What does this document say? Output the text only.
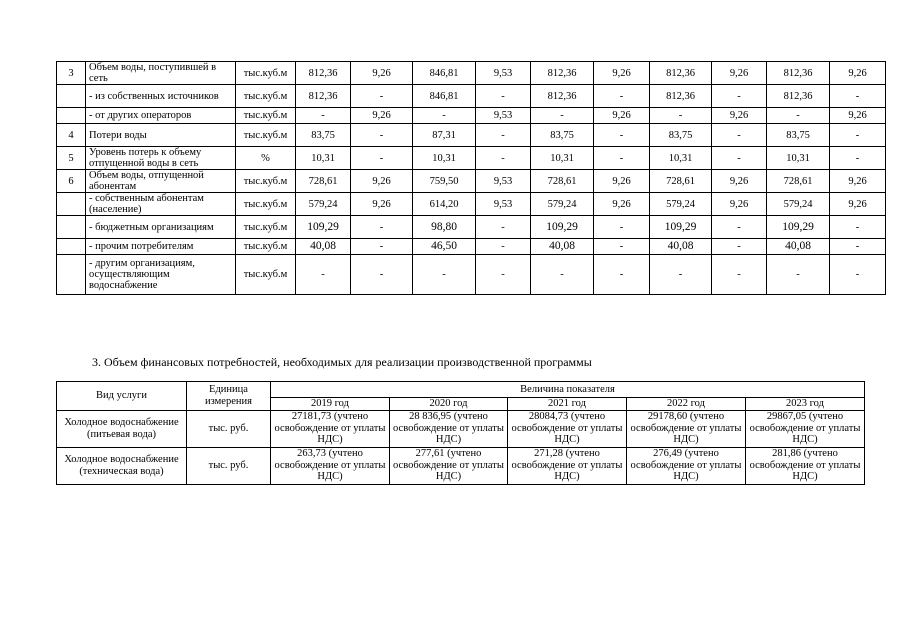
3	Объем воды, поступившей в сеть	тыс.куб.м	812,36	9,26	846,81	9,53	812,36	9,26	812,36	9,26	812,36	9,26
	- из собственных источников	тыс.куб.м	812,36	-	846,81	-	812,36	-	812,36	-	812,36	-
	- от других операторов	тыс.куб.м	-	9,26	-	9,53	-	9,26	-	9,26	-	9,26
4	Потери воды	тыс.куб.м	83,75	-	87,31	-	83,75	-	83,75	-	83,75	-
5	Уровень потерь к объему отпущенной воды в сеть	%	10,31	-	10,31	-	10,31	-	10,31	-	10,31	-
6	Объем воды, отпущенной абонентам	тыс.куб.м	728,61	9,26	759,50	9,53	728,61	9,26	728,61	9,26	728,61	9,26
	- собственным абонентам (население)	тыс.куб.м	579,24	9,26	614,20	9,53	579,24	9,26	579,24	9,26	579,24	9,26
	- бюджетным организациям	тыс.куб.м	109,29	-	98,80	-	109,29	-	109,29	-	109,29	-
	- прочим потребителям	тыс.куб.м	40,08	-	46,50	-	40,08	-	40,08	-	40,08	-
	- другим организациям, осуществляющим водоснабжение	тыс.куб.м	-	-	-	-	-	-	-	-	-	-
3. Объем финансовых потребностей, необходимых для реализации производственной программы
Вид услуги	Единица измерения	Величина показателя				
		2019 год	2020 год	2021 год	2022 год	2023 год
Холодное водоснабжение (питьевая вода)	тыс. руб.	27181,73 (учтено освобождение от уплаты НДС)	28 836,95 (учтено освобождение от уплаты НДС)	28084,73 (учтено освобождение от уплаты НДС)	29178,60 (учтено освобождение от уплаты НДС)	29867,05 (учтено освобождение от уплаты НДС)
Холодное водоснабжение (техническая вода)	тыс. руб.	263,73 (учтено освобождение от уплаты НДС)	277,61 (учтено освобождение от уплаты НДС)	271,28 (учтено освобождение от уплаты НДС)	276,49 (учтено освобождение от уплаты НДС)	281,86 (учтено освобождение от уплаты НДС)
